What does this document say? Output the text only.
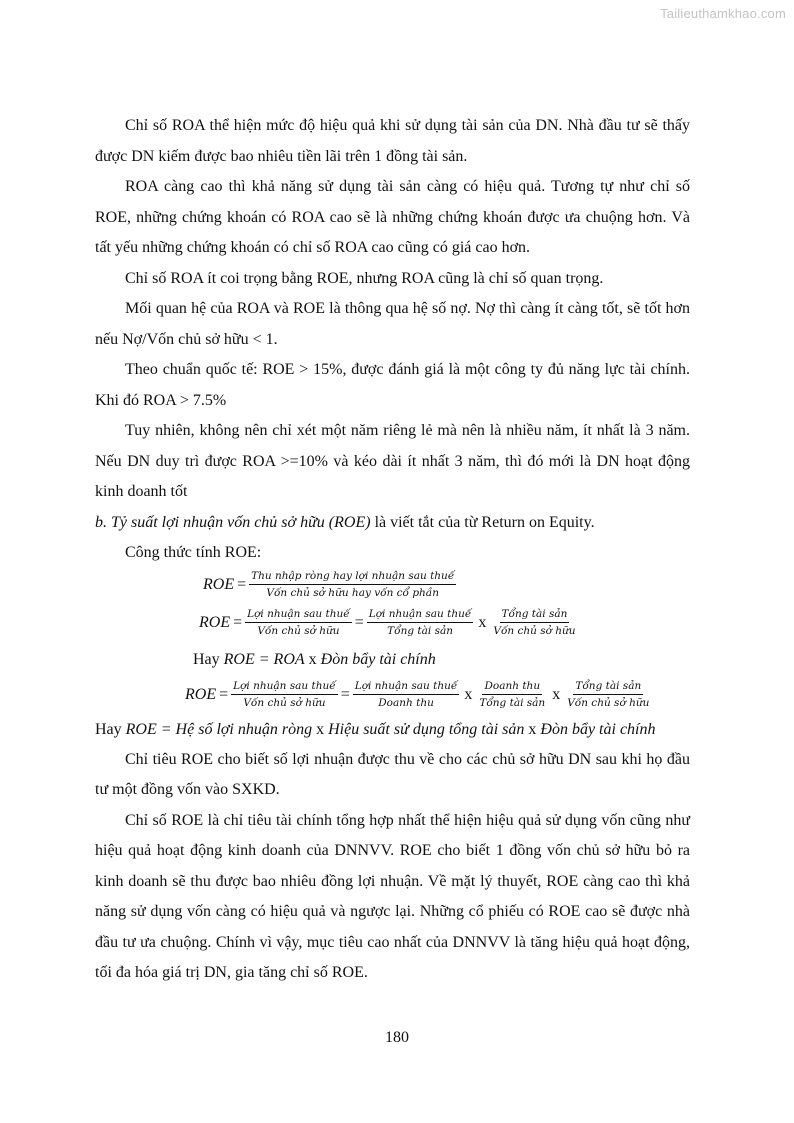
Tailieuthamkhao.com

Chỉ số ROA thể hiện mức độ hiệu quả khi sử dụng tài sản của DN. Nhà đầu tư sẽ thấy được DN kiếm được bao nhiêu tiền lãi trên 1 đồng tài sản.

ROA càng cao thì khả năng sử dụng tài sản càng có hiệu quả. Tương tự như chỉ số ROE, những chứng khoán có ROA cao sẽ là những chứng khoán được ưa chuộng hơn. Và tất yếu những chứng khoán có chỉ số ROA cao cũng có giá cao hơn.

Chỉ số ROA ít coi trọng bằng ROE, nhưng ROA cũng là chỉ số quan trọng.

Mối quan hệ của ROA và ROE là thông qua hệ số nợ. Nợ thì càng ít càng tốt, sẽ tốt hơn nếu Nợ/Vốn chủ sở hữu < 1.

Theo chuẩn quốc tế: ROE > 15%, được đánh giá là một công ty đủ năng lực tài chính. Khi đó ROA > 7.5%

Tuy nhiên, không nên chỉ xét một năm riêng lẻ mà nên là nhiều năm, ít nhất là 3 năm. Nếu DN duy trì được ROA >=10% và kéo dài ít nhất 3 năm, thì đó mới là DN hoạt động kinh doanh tốt

b. Tỷ suất lợi nhuận vốn chủ sở hữu (ROE) là viết tắt của từ Return on Equity.

Công thức tính ROE:

ROE = $\frac{\text{Thu nhập ròng hay lợi nhuận sau thuế}}{\text{Vốn chủ sở hữu hay vốn cổ phần}}$
ROE = $\frac{\text{Lợi nhuận sau thuế}}{\text{Vốn chủ sở hữu}} = \frac{\text{Lợi nhuận sau thuế}}{\text{Tổng tài sản}}$ x $\frac{\text{Tổng tài sản}}{\text{Vốn chủ sở hữu}}$

Hay ROE = ROA x Đòn bẩy tài chính

ROE = $\frac{\text{Lợi nhuận sau thuế}}{\text{Vốn chủ sở hữu}} = \frac{\text{Lợi nhuận sau thuế}}{\text{Doanh thu}}$ x $\frac{\text{Doanh thu}}{\text{Tổng tài sản}}$ x $\frac{\text{Tổng tài sản}}{\text{Vốn chủ sở hữu}}$

Hay ROE = Hệ số lợi nhuận ròng x Hiệu suất sử dụng tổng tài sản x Đòn bẩy tài chính

Chỉ tiêu ROE cho biết số lợi nhuận được thu về cho các chủ sở hữu DN sau khi họ đầu tư một đồng vốn vào SXKD.

Chỉ số ROE là chỉ tiêu tài chính tổng hợp nhất thể hiện hiệu quả sử dụng vốn cũng như hiệu quả hoạt động kinh doanh của DNNVV. ROE cho biết 1 đồng vốn chủ sở hữu bỏ ra kinh doanh sẽ thu được bao nhiêu đồng lợi nhuận. Về mặt lý thuyết, ROE càng cao thì khả năng sử dụng vốn càng có hiệu quả và ngược lại. Những cổ phiếu có ROE cao sẽ được nhà đầu tư ưa chuộng. Chính vì vậy, mục tiêu cao nhất của DNNVV là tăng hiệu quả hoạt động, tối đa hóa giá trị DN, gia tăng chỉ số ROE.

180
